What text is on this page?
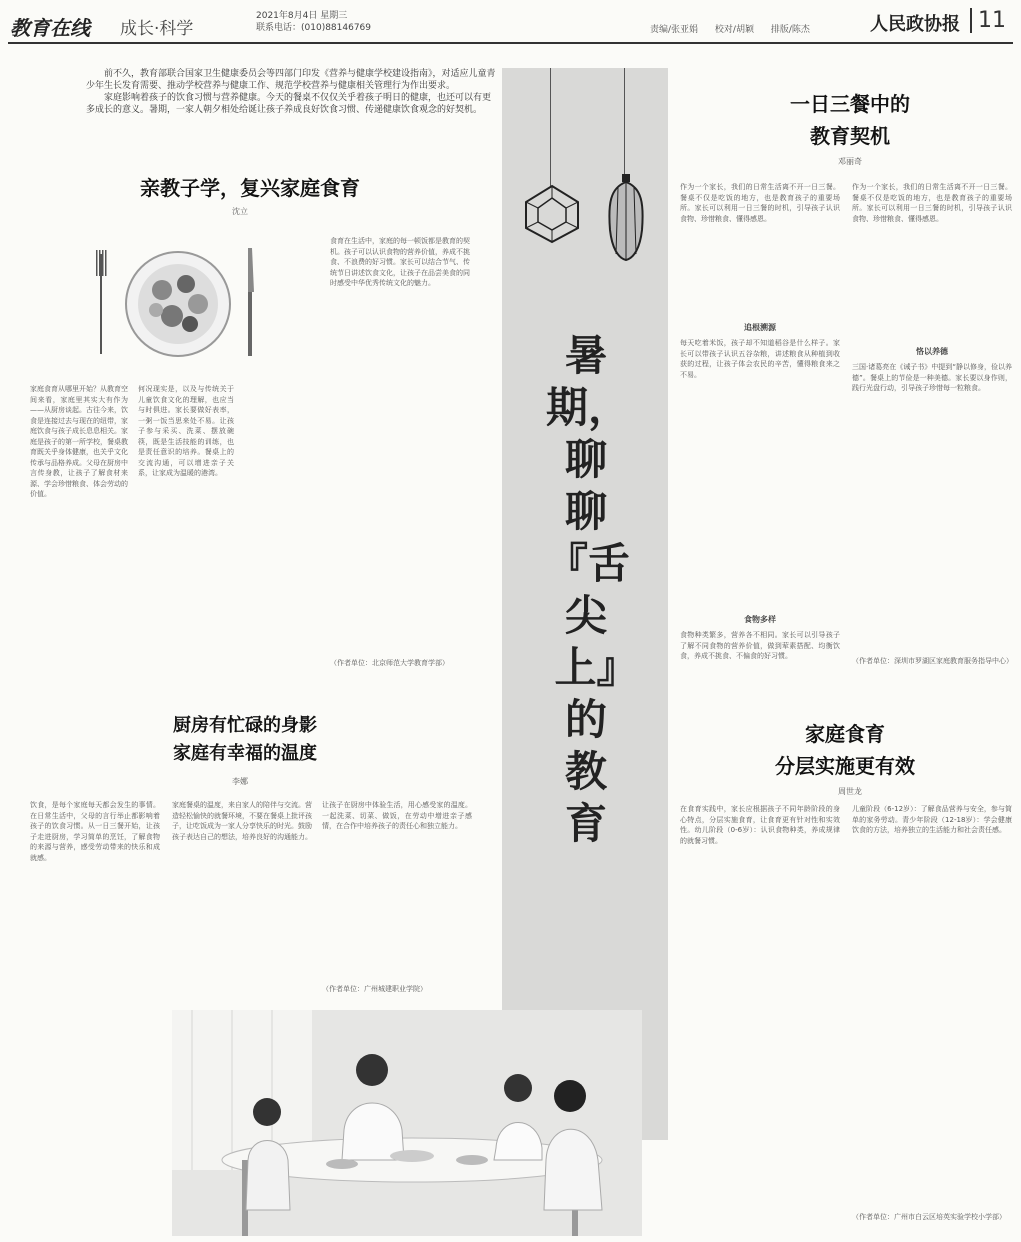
教育在线 成长·科学
2021年8月4日 星期三
联系电话：(010)88146769	责编/张亚娟 校对/胡颖 排版/陈杰	人民政协报 11

前不久，教育部联合国家卫生健康委员会等四部门印发《营养与健康学校建设指南》，对适应儿童青少年生长发育需要、推动学校营养与健康工作、规范学校营养与健康相关管理行为作出要求。

家庭影响着孩子的饮食习惯与营养健康。今天的餐桌不仅仅关乎着孩子明日的健康，也还可以有更多成长的意义。暑期，一家人朝夕相处给诞让孩子养成良好饮食习惯、传递健康饮食观念的好契机。

亲教子学，复兴家庭食育
沈立
家庭食育从哪里开始？从教育空间来看，家庭里其实大有作为——从厨房谈起。古往今来，饮食是连接过去与现在的纽带，家庭饮食与孩子成长息息相关。家庭是孩子的第一所学校，餐桌教育既关乎身体健康，也关乎文化传承与品格养成。父母在厨房中言传身教，让孩子了解食材来源、学会珍惜粮食、体会劳动的价值。
何况现实是，以及与传统关于儿童饮食文化的理解，也应当与时俱进。家长要做好表率，一粥一饭当思来处不易。让孩子参与采买、洗菜、摆放碗筷，既是生活技能的训练，也是责任意识的培养。餐桌上的交流沟通，可以增进亲子关系，让家成为温暖的港湾。
食育在生活中，家庭的每一顿饭都是教育的契机。孩子可以认识食物的营养价值，养成不挑食、不浪费的好习惯。家长可以结合节气、传统节日讲述饮食文化，让孩子在品尝美食的同时感受中华优秀传统文化的魅力。
（作者单位：北京师范大学教育学部）
厨房有忙碌的身影
家庭有幸福的温度
李娜
饮食，是每个家庭每天都会发生的事情。在日常生活中，父母的言行举止都影响着孩子的饮食习惯。从一日三餐开始，让孩子走进厨房，学习简单的烹饪，了解食物的来源与营养，感受劳动带来的快乐和成就感。
家庭餐桌的温度，来自家人的陪伴与交流。营造轻松愉快的就餐环境，不要在餐桌上批评孩子，让吃饭成为一家人分享快乐的时光。鼓励孩子表达自己的想法，培养良好的沟通能力。
让孩子在厨房中体验生活，用心感受家的温度。一起洗菜、切菜、做饭，在劳动中增进亲子感情，在合作中培养孩子的责任心和独立能力。
（作者单位：广州城建职业学院）
暑期，聊聊『舌尖上』的教育
一日三餐中的
教育契机
邓丽奇
作为一个家长，我们的日常生活离不开一日三餐。餐桌不仅是吃饭的地方，也是教育孩子的重要场所。家长可以利用一日三餐的时机，引导孩子认识食物、珍惜粮食、懂得感恩。
追根溯源
每天吃着米饭，孩子却不知道稻谷是什么样子。家长可以带孩子认识五谷杂粮，讲述粮食从种植到收获的过程，让孩子体会农民的辛苦，懂得粮食来之不易。
食物多样
食物种类繁多，营养各不相同。家长可以引导孩子了解不同食物的营养价值，做到荤素搭配、均衡饮食，养成不挑食、不偏食的好习惯。
作为一个家长，我们的日常生活离不开一日三餐。餐桌不仅是吃饭的地方，也是教育孩子的重要场所。家长可以利用一日三餐的时机，引导孩子认识食物、珍惜粮食、懂得感恩。
恪以养德
三国·诸葛亮在《诫子书》中提到“静以修身，俭以养德”。餐桌上的节俭是一种美德。家长要以身作则，践行光盘行动，引导孩子珍惜每一粒粮食。
（作者单位：深圳市罗湖区家庭教育服务指导中心）
家庭食育
分层实施更有效
周世龙
在食育实践中，家长应根据孩子不同年龄阶段的身心特点，分层实施食育，让食育更有针对性和实效性。幼儿阶段（0-6岁）：认识食物种类，养成规律的就餐习惯。
儿童阶段（6-12岁）：了解食品营养与安全，参与简单的家务劳动。青少年阶段（12-18岁）：学会健康饮食的方法，培养独立的生活能力和社会责任感。
（作者单位：广州市白云区培英实验学校小学部）
